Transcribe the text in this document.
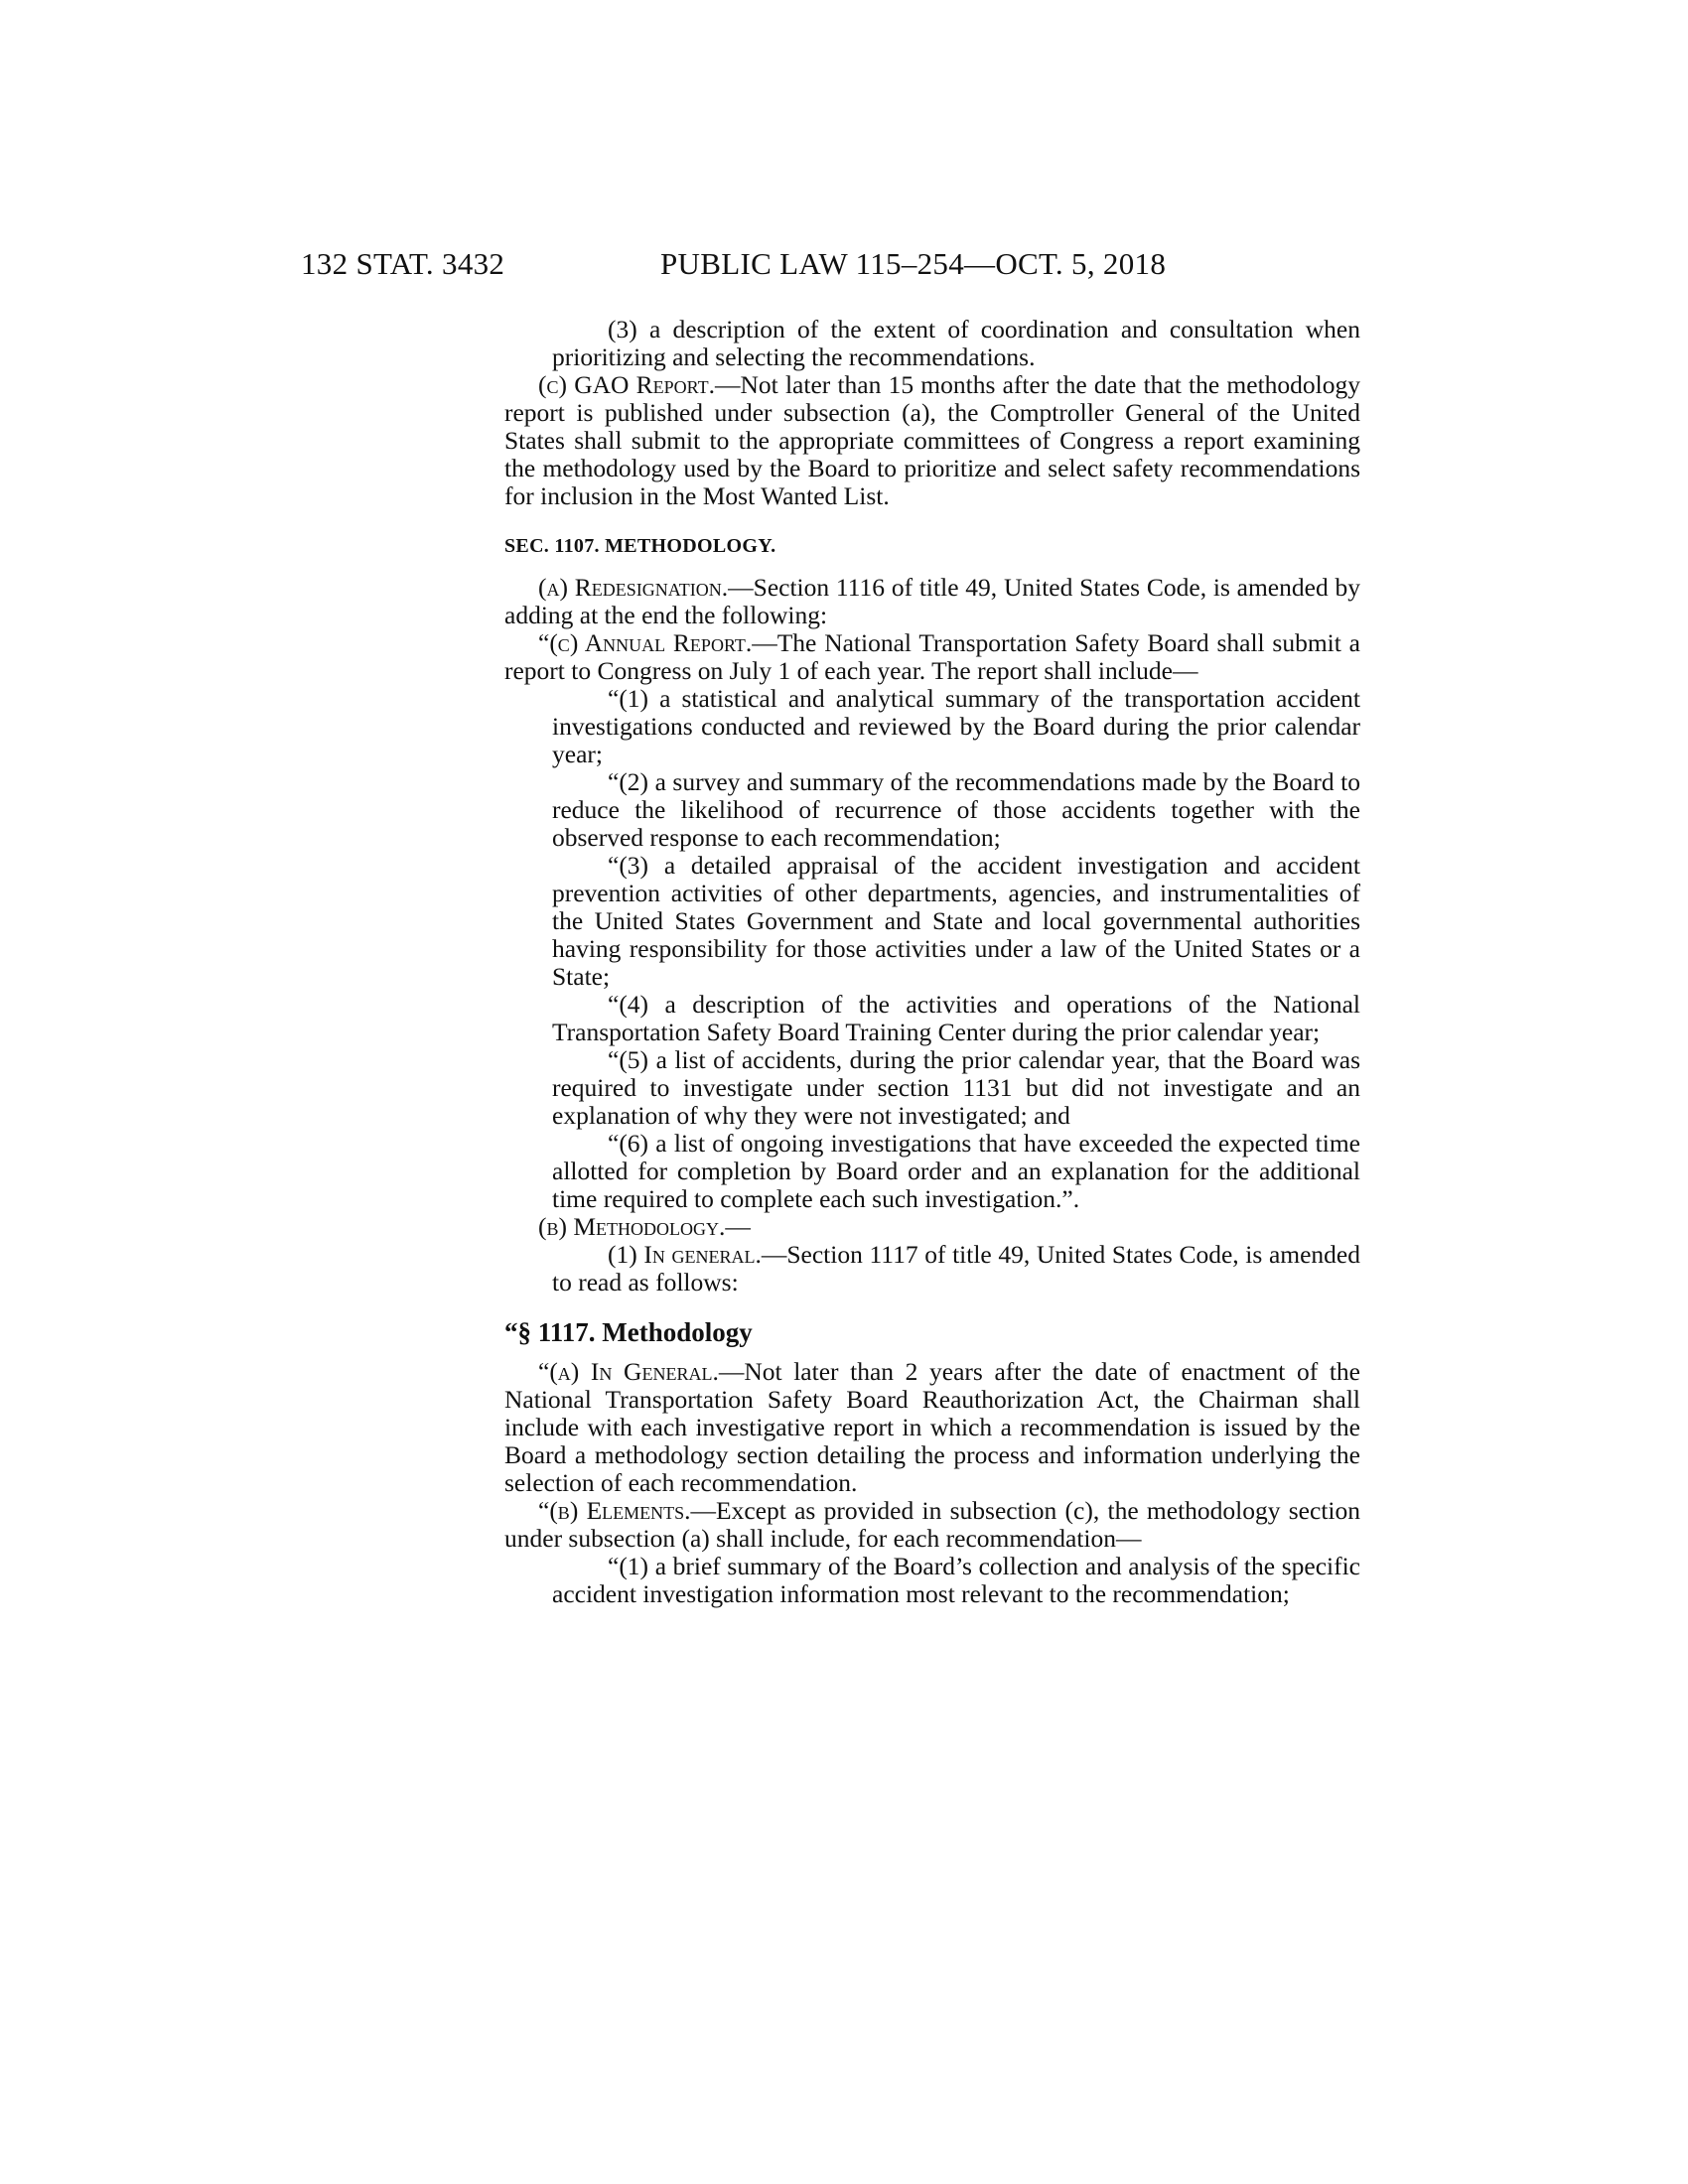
132 STAT. 3432	PUBLIC LAW 115–254—OCT. 5, 2018

(3) a description of the extent of coordination and consultation when prioritizing and selecting the recommendations.

(c) GAO Report.—Not later than 15 months after the date that the methodology report is published under subsection (a), the Comptroller General of the United States shall submit to the appropriate committees of Congress a report examining the methodology used by the Board to prioritize and select safety recommendations for inclusion in the Most Wanted List.

SEC. 1107. METHODOLOGY.

(a) Redesignation.—Section 1116 of title 49, United States Code, is amended by adding at the end the following:

“(c) Annual Report.—The National Transportation Safety Board shall submit a report to Congress on July 1 of each year. The report shall include—

“(1) a statistical and analytical summary of the transportation accident investigations conducted and reviewed by the Board during the prior calendar year;

“(2) a survey and summary of the recommendations made by the Board to reduce the likelihood of recurrence of those accidents together with the observed response to each recommendation;

“(3) a detailed appraisal of the accident investigation and accident prevention activities of other departments, agencies, and instrumentalities of the United States Government and State and local governmental authorities having responsibility for those activities under a law of the United States or a State;

“(4) a description of the activities and operations of the National Transportation Safety Board Training Center during the prior calendar year;

“(5) a list of accidents, during the prior calendar year, that the Board was required to investigate under section 1131 but did not investigate and an explanation of why they were not investigated; and

“(6) a list of ongoing investigations that have exceeded the expected time allotted for completion by Board order and an explanation for the additional time required to complete each such investigation.”.

(b) Methodology.—

(1) In general.—Section 1117 of title 49, United States Code, is amended to read as follows:

“§ 1117. Methodology

“(a) In General.—Not later than 2 years after the date of enactment of the National Transportation Safety Board Reauthorization Act, the Chairman shall include with each investigative report in which a recommendation is issued by the Board a methodology section detailing the process and information underlying the selection of each recommendation.

“(b) Elements.—Except as provided in subsection (c), the methodology section under subsection (a) shall include, for each recommendation—

“(1) a brief summary of the Board’s collection and analysis of the specific accident investigation information most relevant to the recommendation;
